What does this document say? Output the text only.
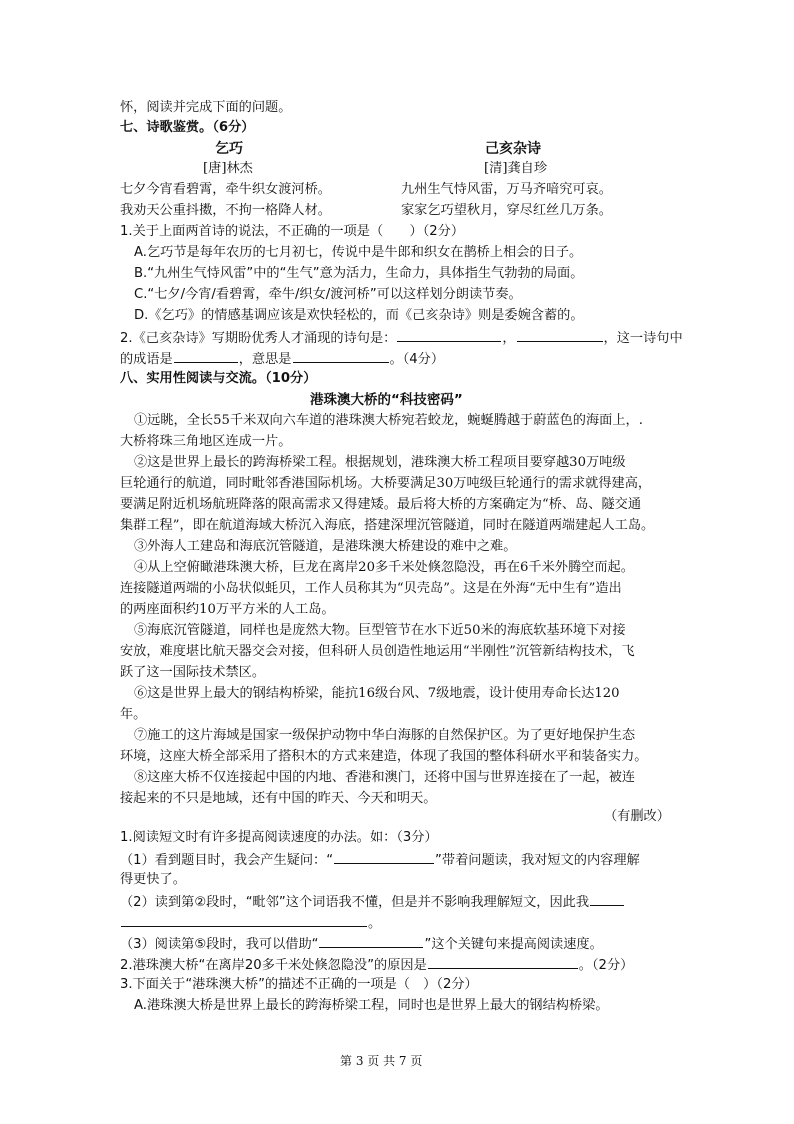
怀，阅读并完成下面的问题。
七、诗歌鉴赏。（6分）
乞巧	己亥杂诗
[唐]林杰	[清]龚自珍
七夕今宵看碧霄，牵牛织女渡河桥。	九州生气恃风雷，万马齐喑究可哀。
我劝天公重抖擞，不拘一格降人材。	家家乞巧望秋月，穿尽红丝几万条。
1.关于上面两首诗的说法，不正确的一项是（　　）（2分）
A.乞巧节是每年农历的七月初七，传说中是牛郎和织女在鹊桥上相会的日子。
B.“九州生气恃风雷”中的“生气”意为活力，生命力，具体指生气勃勃的局面。
C.“七夕/今宵/看碧霄，牵牛/织女/渡河桥”可以这样划分朗读节奏。
D.《乞巧》的情感基调应该是欢快轻松的，而《己亥杂诗》则是委婉含蓄的。
2.《己亥杂诗》写期盼优秀人才涌现的诗句是：	，	，这一诗句中
的成语是	，意思是	。（4分）
八、实用性阅读与交流。（10分）
港珠澳大桥的“科技密码”
①远眺，全长55千米双向六车道的港珠澳大桥宛若蛟龙，蜿蜒腾越于蔚蓝色的海面上，.
大桥将珠三角地区连成一片。
②这是世界上最长的跨海桥梁工程。根据规划，港珠澳大桥工程项目要穿越30万吨级
巨轮通行的航道，同时毗邻香港国际机场。大桥要满足30万吨级巨轮通行的需求就得建高，
要满足附近机场航班降落的限高需求又得建矮。最后将大桥的方案确定为“桥、岛、隧交通
集群工程”，即在航道海域大桥沉入海底，搭建深埋沉管隧道，同时在隧道两端建起人工岛。
③外海人工建岛和海底沉管隧道，是港珠澳大桥建设的难中之难。
④从上空俯瞰港珠澳大桥，巨龙在离岸20多千米处倏忽隐没，再在6千米外腾空而起。
连接隧道两端的小岛状似蚝贝，工作人员称其为“贝壳岛”。这是在外海“无中生有”造出
的两座面积约10万平方米的人工岛。
⑤海底沉管隧道，同样也是庞然大物。巨型管节在水下近50米的海底软基环境下对接
安放，难度堪比航天器交会对接，但科研人员创造性地运用“半刚性”沉管新结构技术，飞
跃了这一国际技术禁区。
⑥这是世界上最大的钢结构桥梁，能抗16级台风、7级地震，设计使用寿命长达120
年。
⑦施工的这片海域是国家一级保护动物中华白海豚的自然保护区。为了更好地保护生态
环境，这座大桥全部采用了搭积木的方式来建造，体现了我国的整体科研水平和装备实力。
⑧这座大桥不仅连接起中国的内地、香港和澳门，还将中国与世界连接在了一起，被连
接起来的不只是地域，还有中国的昨天、今天和明天。
（有删改）
1.阅读短文时有许多提高阅读速度的办法。如：（3分）
（1）看到题目时，我会产生疑问：“	”带着问题读，我对短文的内容理解
得更快了。
（2）读到第②段时，“毗邻”这个词语我不懂，但是并不影响我理解短文，因此我
。
（3）阅读第⑤段时，我可以借助“	”这个关键句来提高阅读速度。
2.港珠澳大桥“在离岸20多千米处倏忽隐没”的原因是	。（2分）
3.下面关于“港珠澳大桥”的描述不正确的一项是（　）（2分）
A.港珠澳大桥是世界上最长的跨海桥梁工程，同时也是世界上最大的钢结构桥梁。
第 3 页 共 7 页
